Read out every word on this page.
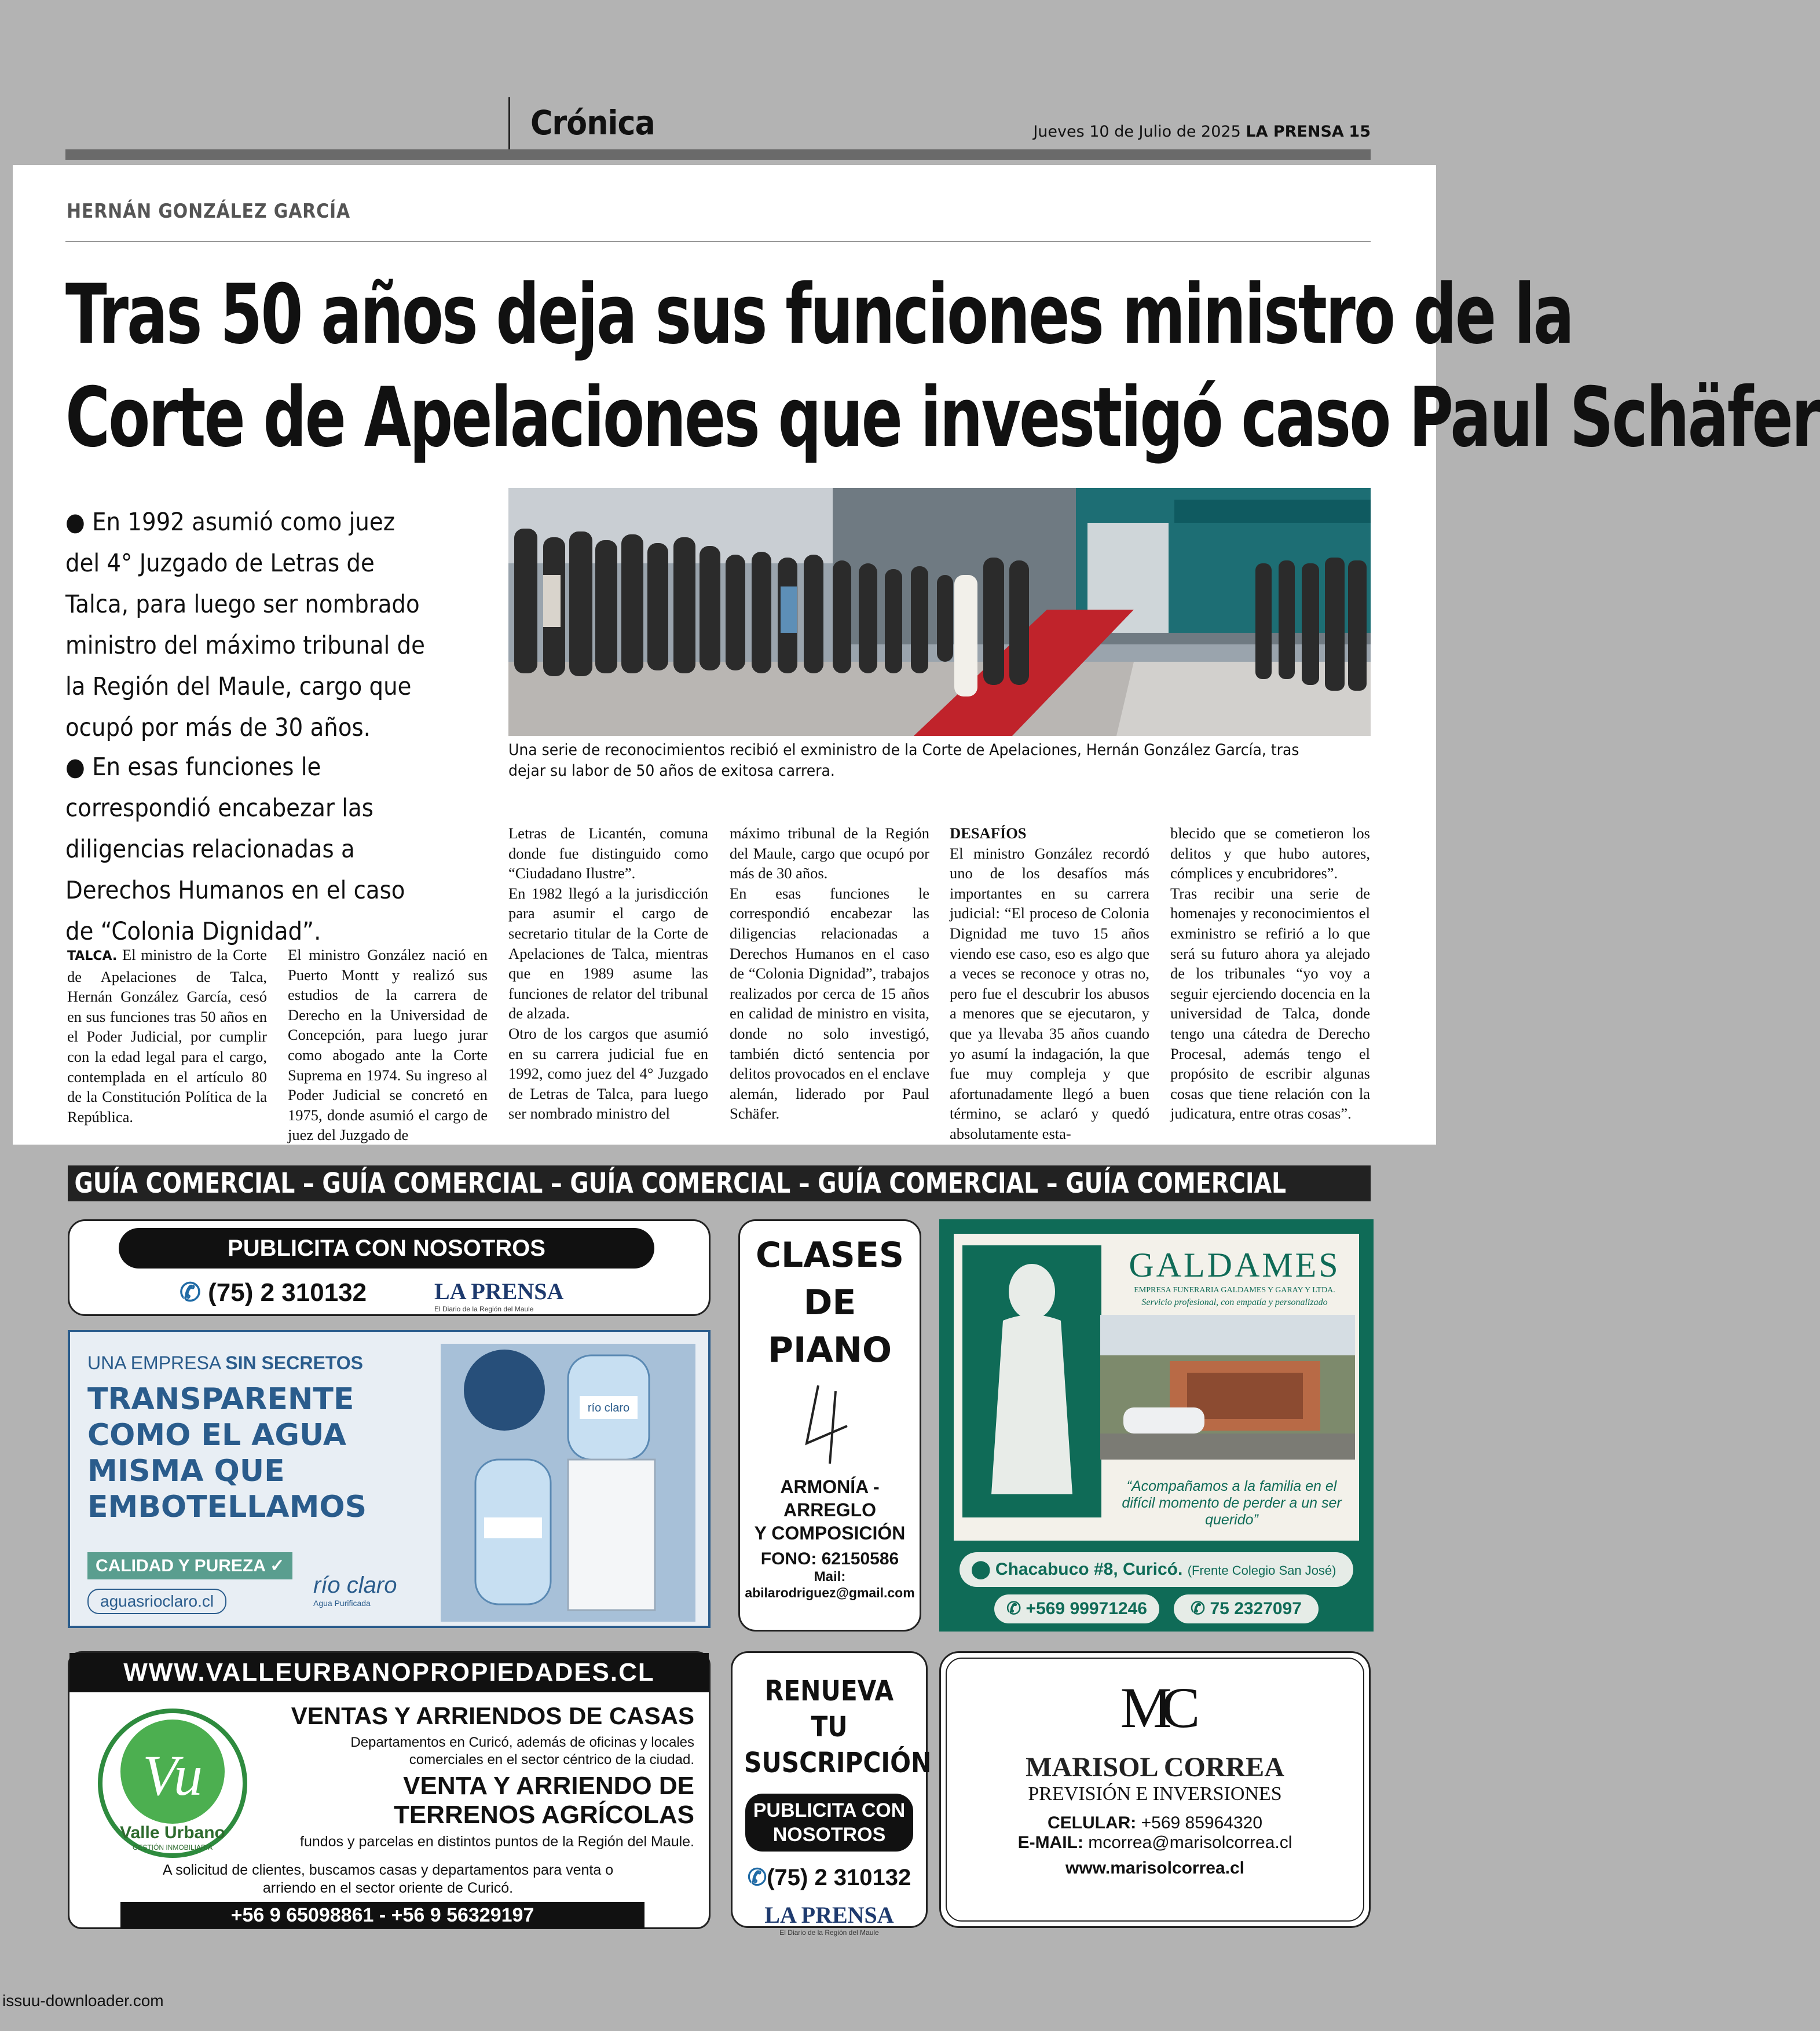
Crónica	Jueves 10 de Julio de 2025 LA PRENSA 15
HERNÁN GONZÁLEZ GARCÍA
Tras 50 años deja sus funciones ministro de la
Corte de Apelaciones que investigó caso Paul Schäfer
● En 1992 asumió como juez del 4° Juzgado de Letras de Talca, para luego ser nombrado ministro del máximo tribunal de la Región del Maule, cargo que ocupó por más de 30 años.
● En esas funciones le correspondió encabezar las diligencias relacionadas a Derechos Humanos en el caso de “Colonia Dignidad”.
Una serie de reconocimientos recibió el exministro de la Corte de Apelaciones, Hernán González García, tras dejar su labor de 50 años de exitosa carrera.

TALCA. El ministro de la Corte de Apelaciones de Talca, Hernán González García, cesó en sus funciones tras 50 años en el Poder Judicial, por cumplir con la edad legal para el cargo, contemplada en el artículo 80 de la Constitución Política de la República.

El ministro González nació en Puerto Montt y realizó sus estudios de la carrera de Derecho en la Universidad de Concepción, para luego jurar como abogado ante la Corte Suprema en 1974. Su ingreso al Poder Judicial se concretó en 1975, donde asumió el cargo de juez del Juzgado de

Letras de Licantén, comuna donde fue distinguido como “Ciudadano Ilustre”.

En 1982 llegó a la jurisdicción para asumir el cargo de secretario titular de la Corte de Apelaciones de Talca, mientras que en 1989 asume las funciones de relator del tribunal de alzada.

Otro de los cargos que asumió en su carrera judicial fue en 1992, como juez del 4° Juzgado de Letras de Talca, para luego ser nombrado ministro del

máximo tribunal de la Región del Maule, cargo que ocupó por más de 30 años.

En esas funciones le correspondió encabezar las diligencias relacionadas a Derechos Humanos en el caso de “Colonia Dignidad”, trabajos realizados por cerca de 15 años en calidad de ministro en visita, donde no solo investigó, también dictó sentencia por delitos provocados en el enclave alemán, liderado por Paul Schäfer.

DESAFÍOS

El ministro González recordó uno de los desafíos más importantes en su carrera judicial: “El proceso de Colonia Dignidad me tuvo 15 años viendo ese caso, eso es algo que a veces se reconoce y otras no, pero fue el descubrir los abusos a menores que se ejecutaron, y que ya llevaba 35 años cuando yo asumí la indagación, la que fue muy compleja y que afortunadamente llegó a buen término, se aclaró y quedó absolutamente esta-

blecido que se cometieron los delitos y que hubo autores, cómplices y encubridores”.

Tras recibir una serie de homenajes y reconocimientos el exministro se refirió a lo que será su futuro ahora ya alejado de los tribunales “yo voy a seguir ejerciendo docencia en la universidad de Talca, donde tengo una cátedra de Derecho Procesal, además tengo el propósito de escribir algunas cosas que tiene relación con la judicatura, entre otras cosas”.

GUÍA COMERCIAL – GUÍA COMERCIAL – GUÍA COMERCIAL – GUÍA COMERCIAL – GUÍA COMERCIAL
PUBLICITA CON NOSOTROS
✆ (75) 2 310132	LA PRENSA
El Diario de la Región del Maule
UNA EMPRESA SIN SECRETOS
TRANSPARENTE
COMO EL AGUA
MISMA QUE
EMBOTELLAMOS
CALIDAD Y PUREZA ✓
aguasrioclaro.cl
río claro
Agua Purificada
río claro
CLASES
DE
PIANO
ARMONÍA -
ARREGLO
Y COMPOSICIÓN
FONO: 62150586
Mail:
abilarodriguez@gmail.com
GALDAMES
EMPRESA FUNERARIA GALDAMES Y GARAY Y LTDA.
Servicio profesional, con empatía y personalizado
“Acompañamos a la familia en el difícil momento de perder a un ser querido”
⬤ Chacabuco #8, Curicó. (Frente Colegio San José)
✆ +569 99971246	✆ 75 2327097
WWW.VALLEURBANOPROPIEDADES.CL
Vu
Valle Urbano
GESTIÓN INMOBILIARIA
VENTAS Y ARRIENDOS DE CASAS
Departamentos en Curicó, además de oficinas y locales comerciales en el sector céntrico de la ciudad.
VENTA Y ARRIENDO DE
TERRENOS AGRÍCOLAS
fundos y parcelas en distintos puntos de la Región del Maule.
A solicitud de clientes, buscamos casas y departamentos para venta o arriendo en el sector oriente de Curicó.
+56 9 65098861 - +56 9 56329197
RENUEVA TU
SUSCRIPCIÓN
PUBLICITA CON NOSOTROS
✆(75) 2 310132
LA PRENSA
El Diario de la Región del Maule
MC
MARISOL CORREA
PREVISIÓN E INVERSIONES
CELULAR: +569 85964320
E-MAIL: mcorrea@marisolcorrea.cl
www.marisolcorrea.cl
issuu-downloader.com
